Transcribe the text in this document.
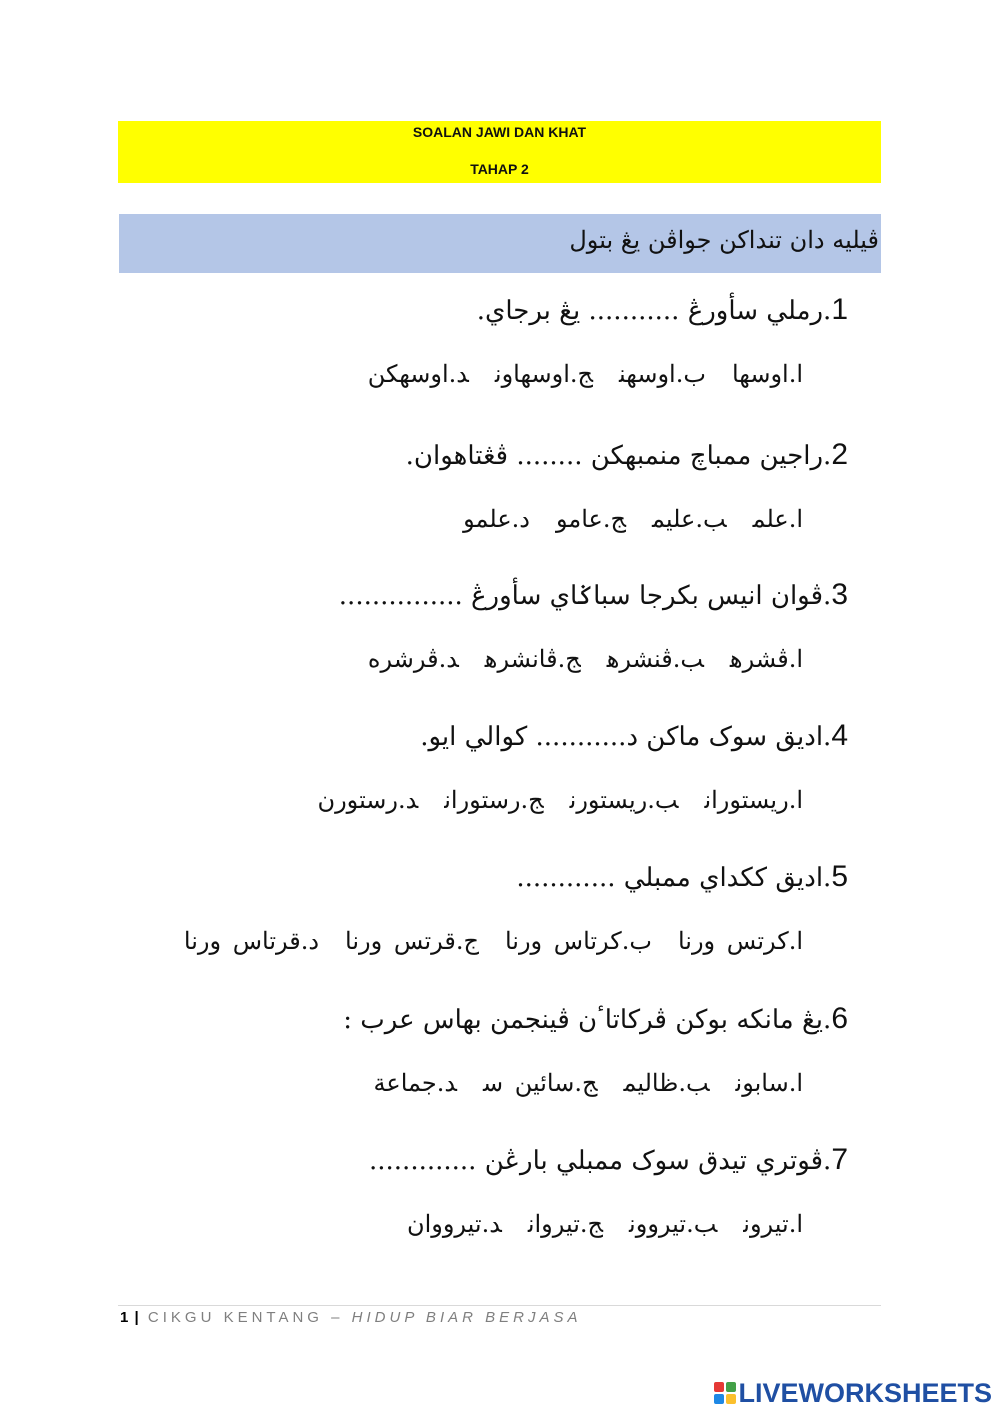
SOALAN JAWI DAN KHAT
TAHAP 2
ڤيليه دان تنداكن جواڤن يڠ بتول
1.رملي سأورڠ ........... يڠ برجاي.
ا.اوسهاب.اوسهنج.اوسهاوند.اوسهكن
2.راجين ممباچ منمبهكن ........ ڤڠتاهوان.
ا.علمب.عليمج.عامود.علمو
3.ڤوان انيس بكرجا سباݢاي سأورڠ ...............
ا.ڤشرهب.ڤنشرهج.ڤانشرهد.ڤرشره
4.اديق سوک ماكن د........... كوالي ايو.
ا.ريستورانب.ريستورنج.رستوراند.رستورن
5.اديق ككداي ممبلي ............
ا.كرتس ورناب.كرتاس ورناج.قرتس ورناد.قرتاس ورنا
6.يڠ مانكه بوكن ڤركاتاٴن ڤينجمن بهاس عرب :
ا.سابونب.ظاليمج.سائين سد.جماعة
7.ڤوتري تيدق سوک ممبلي بارڠن .............
ا.تيرونب.تيروونج.تيرواند.تيرووان
1 | CIKGU KENTANG – HIDUP BIAR BERJASA
LIVEWORKSHEETS
